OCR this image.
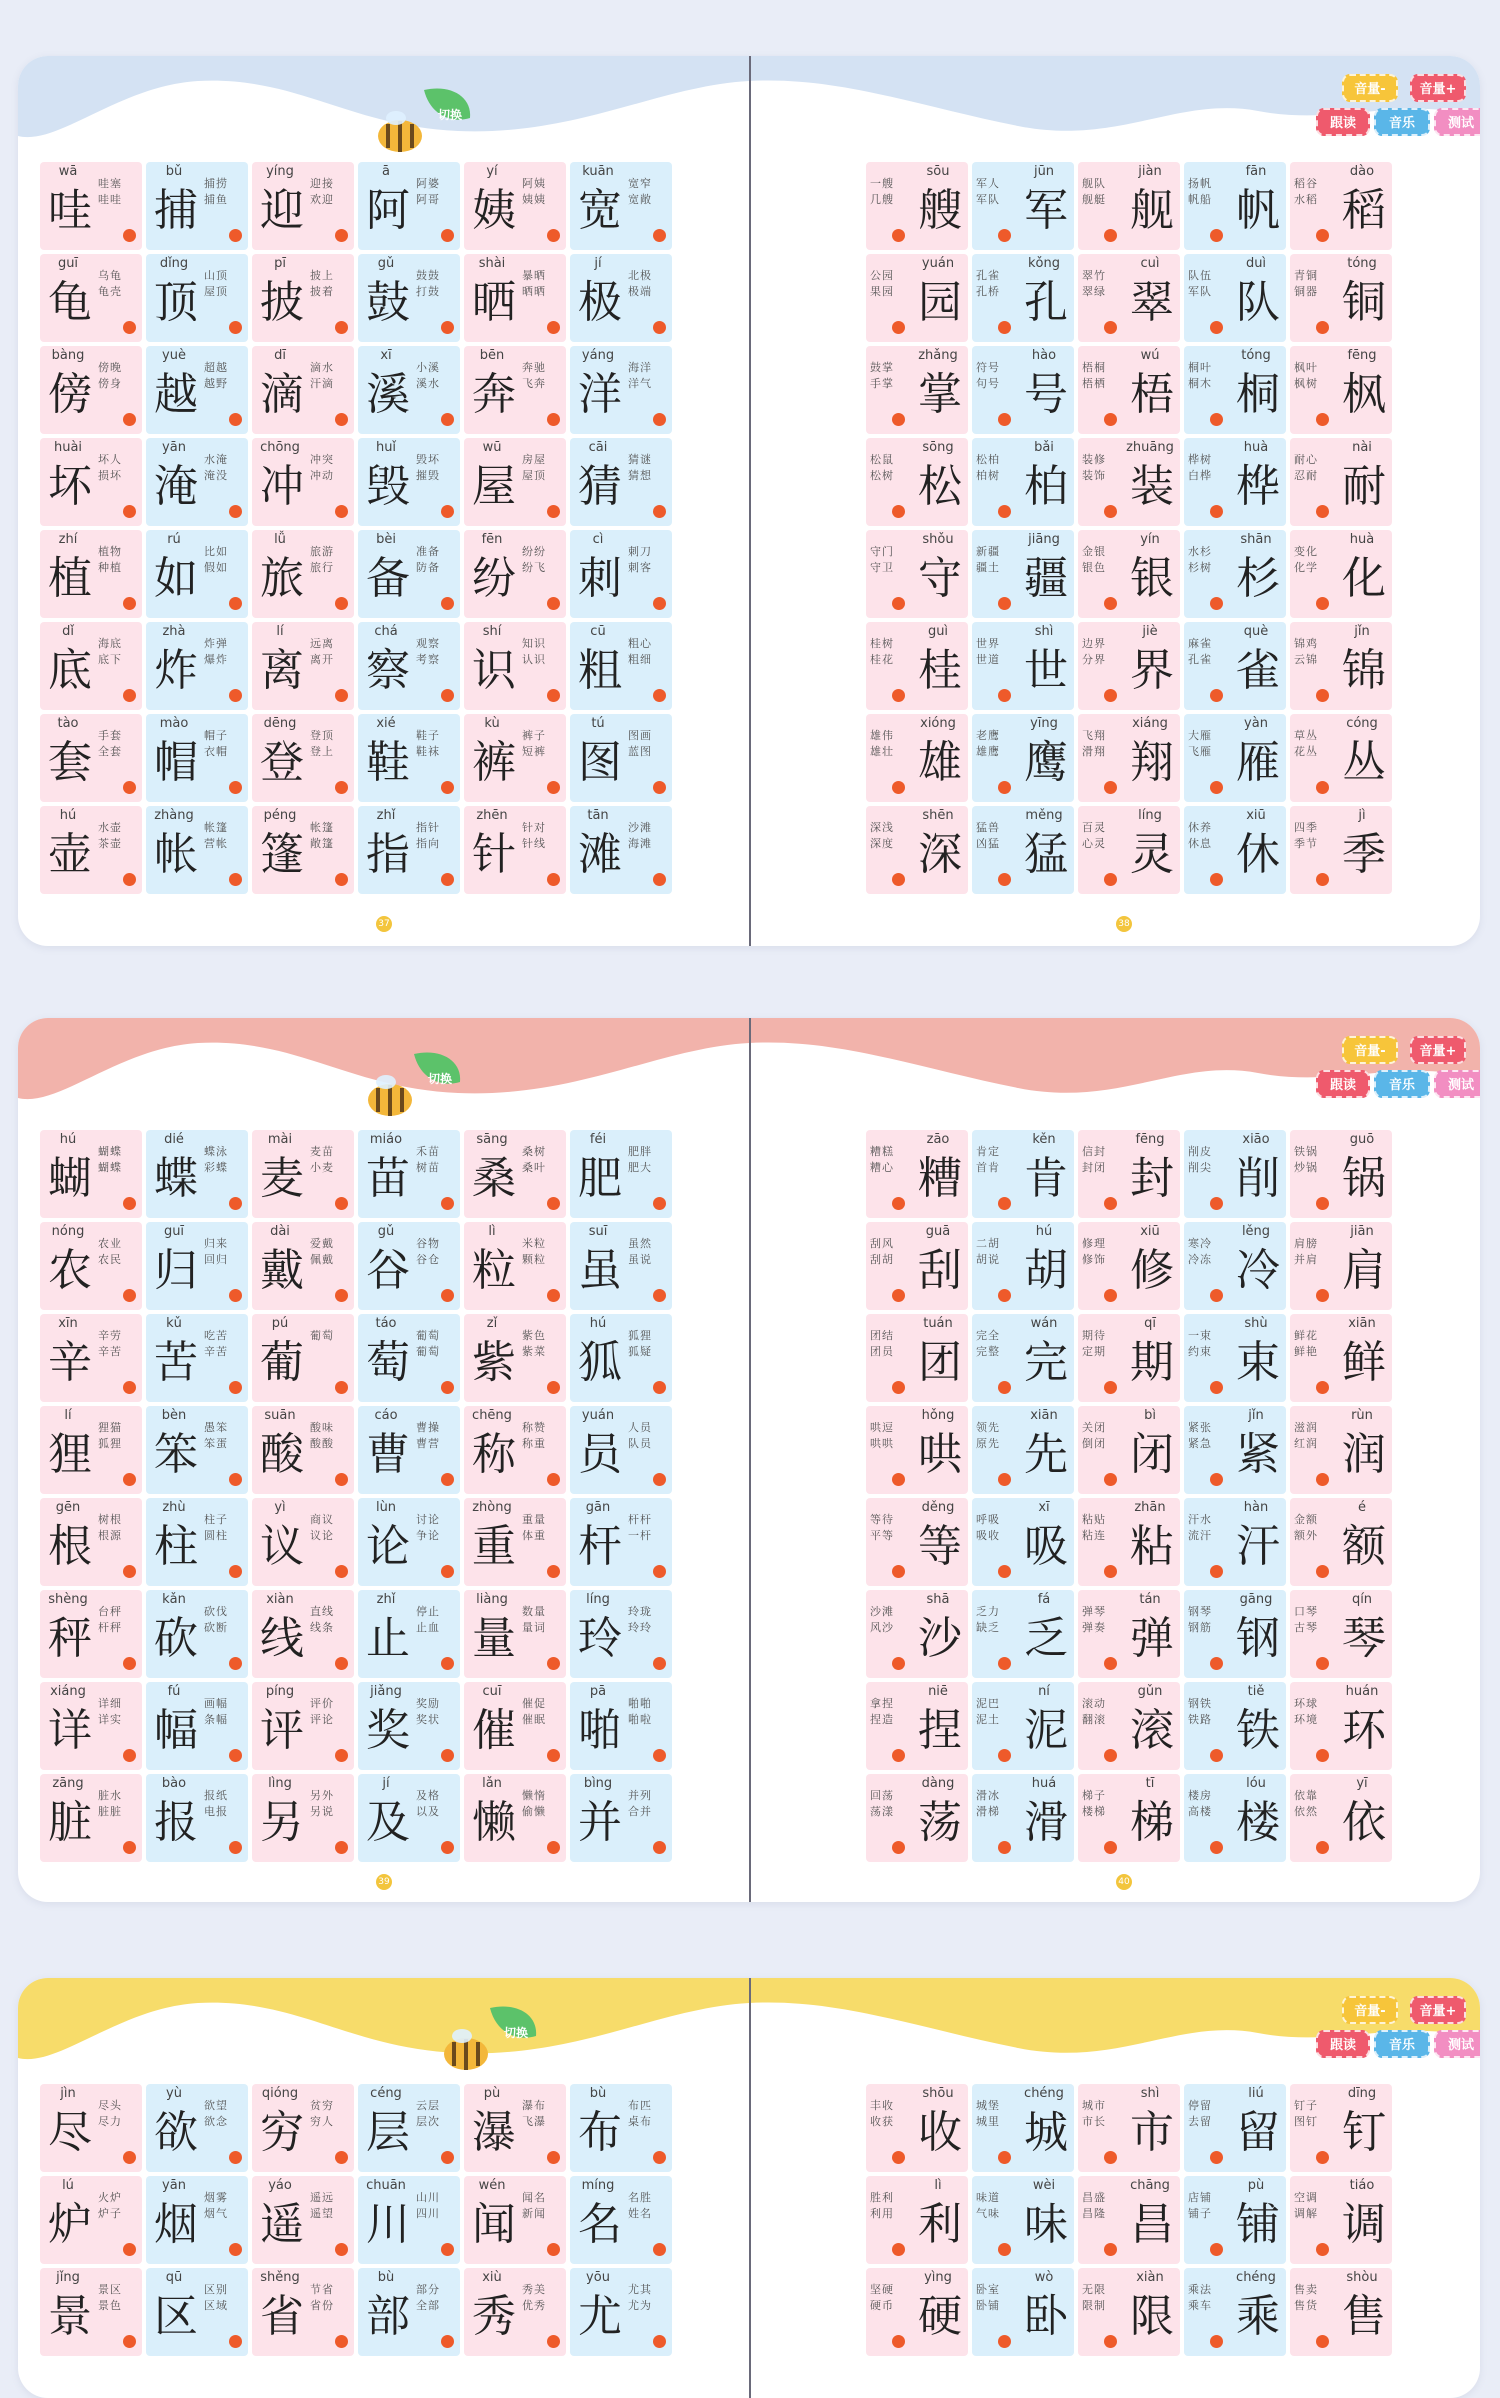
切换
音量-	音量+
跟读	音乐	测试
wā
哇
哇塞 哇哇
bǔ
捕
捕捞 捕鱼
yíng
迎
迎接 欢迎
ā
阿
阿婆 阿哥
yí
姨
阿姨 姨姨
kuān
宽
宽窄 宽敞
guī
龟
乌龟 龟壳
dǐng
顶
山顶 屋顶
pī
披
披上 披着
gǔ
鼓
鼓鼓 打鼓
shài
晒
暴晒 晒晒
jí
极
北极 极端
bàng
傍
傍晚 傍身
yuè
越
超越 越野
dī
滴
滴水 汗滴
xī
溪
小溪 溪水
bēn
奔
奔驰 飞奔
yáng
洋
海洋 洋气
huài
坏
坏人 损坏
yān
淹
水淹 淹没
chōng
冲
冲突 冲动
huǐ
毁
毁坏 摧毁
wū
屋
房屋 屋顶
cāi
猜
猜谜 猜想
zhí
植
植物 种植
rú
如
比如 假如
lǚ
旅
旅游 旅行
bèi
备
准备 防备
fēn
纷
纷纷 纷飞
cì
刺
刺刀 刺客
dǐ
底
海底 底下
zhà
炸
炸弹 爆炸
lí
离
远离 离开
chá
察
观察 考察
shí
识
知识 认识
cū
粗
粗心 粗细
tào
套
手套 全套
mào
帽
帽子 衣帽
dēng
登
登顶 登上
xié
鞋
鞋子 鞋袜
kù
裤
裤子 短裤
tú
图
图画 蓝图
hú
壶
水壶 茶壶
zhàng
帐
帐篷 营帐
péng
篷
帐篷 敞篷
zhǐ
指
指针 指向
zhēn
针
针对 针线
tān
滩
沙滩 海滩
sōu
艘
一艘 几艘
jūn
军
军人 军队
jiàn
舰
舰队 舰艇
fān
帆
扬帆 帆船
dào
稻
稻谷 水稻
yuán
园
公园 果园
kǒng
孔
孔雀 孔桥
cuì
翠
翠竹 翠绿
duì
队
队伍 军队
tóng
铜
青铜 铜器
zhǎng
掌
鼓掌 手掌
hào
号
符号 句号
wú
梧
梧桐 梧栖
tóng
桐
桐叶 桐木
fēng
枫
枫叶 枫树
sōng
松
松鼠 松树
bǎi
柏
松柏 柏树
zhuāng
装
装修 装饰
huà
桦
桦树 白桦
nài
耐
耐心 忍耐
shǒu
守
守门 守卫
jiāng
疆
新疆 疆土
yín
银
金银 银色
shān
杉
水杉 杉树
huà
化
变化 化学
guì
桂
桂树 桂花
shì
世
世界 世道
jiè
界
边界 分界
què
雀
麻雀 孔雀
jǐn
锦
锦鸡 云锦
xióng
雄
雄伟 雄壮
yīng
鹰
老鹰 雄鹰
xiáng
翔
飞翔 滑翔
yàn
雁
大雁 飞雁
cóng
丛
草丛 花丛
shēn
深
深浅 深度
měng
猛
猛兽 凶猛
líng
灵
百灵 心灵
xiū
休
休养 休息
jì
季
四季 季节
37	38
切换
音量-	音量+
跟读	音乐	测试
hú
蝴
蝴蝶 蝴蝶
dié
蝶
蝶泳 彩蝶
mài
麦
麦苗 小麦
miáo
苗
禾苗 树苗
sāng
桑
桑树 桑叶
féi
肥
肥胖 肥大
nóng
农
农业 农民
guī
归
归来 回归
dài
戴
爱戴 佩戴
gǔ
谷
谷物 谷仓
lì
粒
米粒 颗粒
suī
虽
虽然 虽说
xīn
辛
辛劳 辛苦
kǔ
苦
吃苦 辛苦
pú
葡
葡萄
táo
萄
葡萄 葡萄
zǐ
紫
紫色 紫菜
hú
狐
狐狸 狐疑
lí
狸
狸猫 狐狸
bèn
笨
愚笨 笨蛋
suān
酸
酸味 酸酸
cáo
曹
曹操 曹营
chēng
称
称赞 称重
yuán
员
人员 队员
gēn
根
树根 根源
zhù
柱
柱子 圆柱
yì
议
商议 议论
lùn
论
讨论 争论
zhòng
重
重量 体重
gān
杆
杆杆 一杆
shèng
秤
台秤 杆秤
kǎn
砍
砍伐 砍断
xiàn
线
直线 线条
zhǐ
止
停止 止血
liàng
量
数量 量词
líng
玲
玲珑 玲玲
xiáng
详
详细 详实
fú
幅
画幅 条幅
píng
评
评价 评论
jiǎng
奖
奖励 奖状
cuī
催
催促 催眠
pā
啪
啪啪 啪啦
zāng
脏
脏水 脏脏
bào
报
报纸 电报
lìng
另
另外 另说
jí
及
及格 以及
lǎn
懒
懒惰 偷懒
bìng
并
并列 合并
zāo
糟
糟糕 糟心
kěn
肯
肯定 首肯
fēng
封
信封 封闭
xiāo
削
削皮 削尖
guō
锅
铁锅 炒锅
guā
刮
刮风 刮胡
hú
胡
二胡 胡说
xiū
修
修理 修饰
lěng
冷
寒冷 冷冻
jiān
肩
肩膀 并肩
tuán
团
团结 团员
wán
完
完全 完整
qī
期
期待 定期
shù
束
一束 约束
xiān
鲜
鲜花 鲜艳
hǒng
哄
哄逗 哄哄
xiān
先
领先 原先
bì
闭
关闭 倒闭
jǐn
紧
紧张 紧急
rùn
润
滋润 红润
děng
等
等待 平等
xī
吸
呼吸 吸收
zhān
粘
粘贴 粘连
hàn
汗
汗水 流汗
é
额
金额 额外
shā
沙
沙滩 风沙
fá
乏
乏力 缺乏
tán
弹
弹琴 弹奏
gāng
钢
钢琴 钢筋
qín
琴
口琴 古琴
niē
捏
拿捏 捏造
ní
泥
泥巴 泥土
gǔn
滚
滚动 翻滚
tiě
铁
钢铁 铁路
huán
环
环球 环境
dàng
荡
回荡 荡漾
huá
滑
滑冰 滑梯
tī
梯
梯子 楼梯
lóu
楼
楼房 高楼
yī
依
依靠 依然
39	40
切换
音量-	音量+
跟读	音乐	测试
jìn
尽
尽头 尽力
yù
欲
欲望 欲念
qióng
穷
贫穷 穷人
céng
层
云层 层次
pù
瀑
瀑布 飞瀑
bù
布
布匹 桌布
lú
炉
火炉 炉子
yān
烟
烟雾 烟气
yáo
遥
遥远 遥望
chuān
川
山川 四川
wén
闻
闻名 新闻
míng
名
名胜 姓名
jǐng
景
景区 景色
qū
区
区别 区域
shěng
省
节省 省份
bù
部
部分 全部
xiù
秀
秀美 优秀
yōu
尤
尤其 尤为
shōu
收
丰收 收获
chéng
城
城堡 城里
shì
市
城市 市长
liú
留
停留 去留
dīng
钉
钉子 图钉
lì
利
胜利 利用
wèi
味
味道 气味
chāng
昌
昌盛 昌隆
pù
铺
店铺 铺子
tiáo
调
空调 调解
yìng
硬
坚硬 硬币
wò
卧
卧室 卧铺
xiàn
限
无限 限制
chéng
乘
乘法 乘车
shòu
售
售卖 售货
